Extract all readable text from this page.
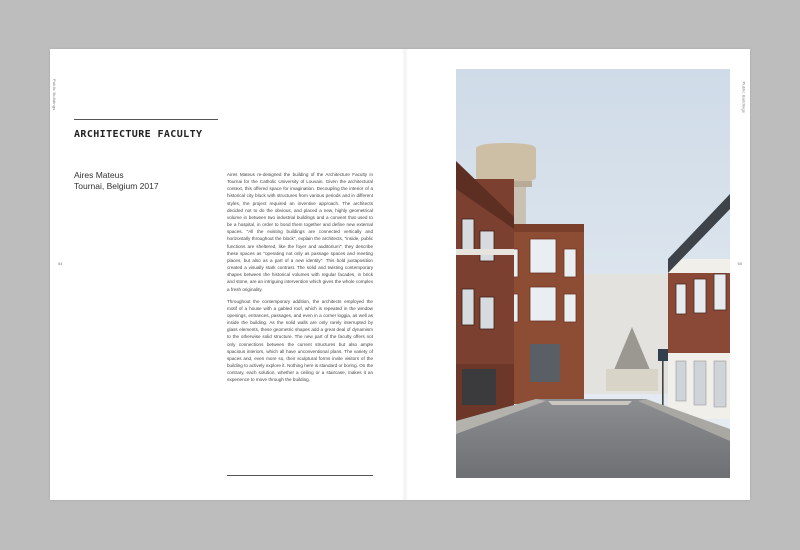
Public Buildings	Public Buildings
54	55
ARCHITECTURE FACULTY
Aires Mateus
Tournai, Belgium 2017

Aires Mateus re-designed the building of the Architecture Faculty in Tournai for the Catholic University of Louvain. Given the architectural context, this offered space for imagination. Decoupling the interior of a historical city block with structures from various periods and in different styles, the project required an inventive approach. The architects decided not to do the obvious, and placed a new, highly geometrical volume in between two industrial buildings and a convent that used to be a hospital, in order to bond them together and define new external spaces. "All the existing buildings are connected vertically and horizontally throughout the block", explain the architects, "inside, public functions are sheltered, like the foyer and auditorium"; they describe these spaces as "operating not only as passage spaces and meeting places, but also as a part of a new identity". This bold juxtaposition created a visually stark contrast. The solid and twisting contemporary shapes between the historical volumes with regular facades, in brick and stone, are an intriguing intervention which gives the whole complex a fresh originality.

Throughout the contemporary addition, the architects employed the motif of a house with a gabled roof, which is repeated in the window openings, entrances, passages, and even in a corner loggia, as well as inside the building. As the solid walls are only rarely interrupted by glass elements, these geometric shapes add a great deal of dynamism to the otherwise solid structure. The new part of the faculty offers not only connections between the current structures but also ample spacious interiors, which all have unconventional plans. The variety of spaces and, even more so, their sculptural forms invite visitors of the building to actively explore it. Nothing here is standard or boring. On the contrary, each solution, whether a ceiling or a staircase, makes it an experience to move through the building.
